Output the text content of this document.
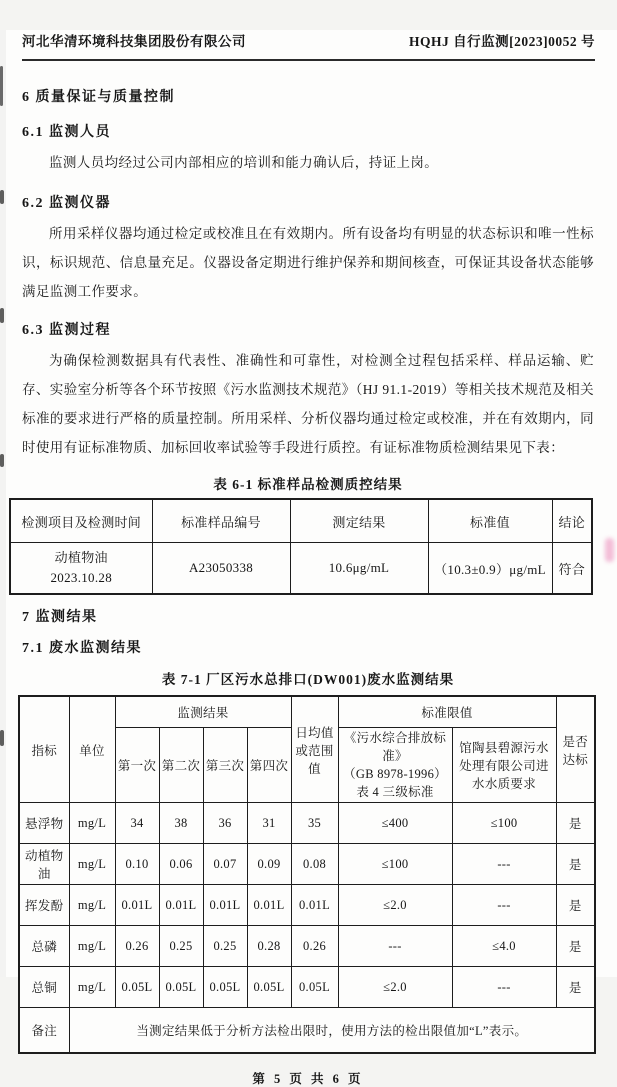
河北华清环境科技集团股份有限公司	HQHJ 自行监测[2023]0052 号

6 质量保证与质量控制

6.1 监测人员

监测人员均经过公司内部相应的培训和能力确认后，持证上岗。

6.2 监测仪器

所用采样仪器均通过检定或校准且在有效期内。所有设备均有明显的状态标识和唯一性标识，标识规范、信息量充足。仪器设备定期进行维护保养和期间核查，可保证其设备状态能够满足监测工作要求。

6.3 监测过程

为确保检测数据具有代表性、准确性和可靠性，对检测全过程包括采样、样品运输、贮存、实验室分析等各个环节按照《污水监测技术规范》（HJ 91.1-2019）等相关技术规范及相关标准的要求进行严格的质量控制。所用采样、分析仪器均通过检定或校准，并在有效期内，同时使用有证标准物质、加标回收率试验等手段进行质控。有证标准物质检测结果见下表：

表 6-1 标准样品检测质控结果
检测项目及检测时间	标准样品编号	测定结果	标准值	结论

动植物油
2023.10.28	A23050338	10.6μg/mL	（10.3±0.9）μg/mL	符合

7 监测结果

7.1 废水监测结果

表 7-1 厂区污水总排口(DW001)废水监测结果
指标	单位	监测结果				日均值或范围值	标准限值		是否达标
		第一次	第二次	第三次	第四次		《污水综合排放标准》
（GB 8978-1996）
表 4 三级标准	馆陶县碧源污水处理有限公司进水水质要求	
悬浮物	mg/L	34	38	36	31	35	≤400	≤100	是
动植物油	mg/L	0.10	0.06	0.07	0.09	0.08	≤100	---	是
挥发酚	mg/L	0.01L	0.01L	0.01L	0.01L	0.01L	≤2.0	---	是
总磷	mg/L	0.26	0.25	0.25	0.28	0.26	---	≤4.0	是
总铜	mg/L	0.05L	0.05L	0.05L	0.05L	0.05L	≤2.0	---	是
备注	当测定结果低于分析方法检出限时，使用方法的检出限值加“L”表示。								
第 5 页 共 6 页
